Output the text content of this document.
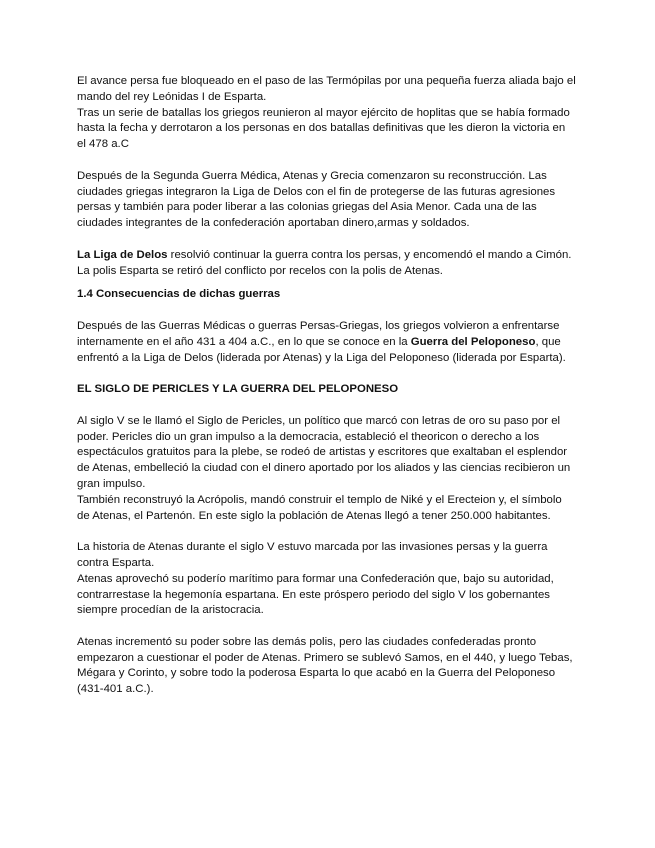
El avance persa fue bloqueado en el paso de las Termópilas por una pequeña fuerza aliada bajo el mando del rey Leónidas I de Esparta.

Tras un serie de batallas los griegos reunieron al mayor ejército de hoplitas que se había formado hasta la fecha y derrotaron a los personas en dos batallas definitivas que les dieron la victoria en el 478 a.C

Después de la Segunda Guerra Médica, Atenas y Grecia comenzaron su reconstrucción. Las ciudades griegas integraron la Liga de Delos con el fin de protegerse de las futuras agresiones persas y también para poder liberar a las colonias griegas del Asia Menor. Cada una de las ciudades integrantes de la confederación aportaban dinero,armas y soldados.

La Liga de Delos resolvió continuar la guerra contra los persas, y encomendó el mando a Cimón. La polis Esparta se retiró del conflicto por recelos con la polis de Atenas.

1.4 Consecuencias de dichas guerras

Después de las Guerras Médicas o guerras Persas-Griegas, los griegos volvieron a enfrentarse internamente en el año 431 a 404 a.C., en lo que se conoce en la Guerra del Peloponeso, que enfrentó a la Liga de Delos (liderada por Atenas) y la Liga del Peloponeso (liderada por Esparta).

EL SIGLO DE PERICLES Y LA GUERRA DEL PELOPONESO

Al siglo V se le llamó el Siglo de Pericles, un político que marcó con letras de oro su paso por el poder. Pericles dio un gran impulso a la democracia, estableció el theoricon o derecho a los espectáculos gratuitos para la plebe, se rodeó de artistas y escritores que exaltaban el esplendor de Atenas, embelleció la ciudad con el dinero aportado por los aliados y las ciencias recibieron un gran impulso.

También reconstruyó la Acrópolis, mandó construir el templo de Niké y el Erecteion y, el símbolo de Atenas, el Partenón. En este siglo la población de Atenas llegó a tener 250.000 habitantes.

La historia de Atenas durante el siglo V estuvo marcada por las invasiones persas y la guerra contra Esparta.

Atenas aprovechó su poderío marítimo para formar una Confederación que, bajo su autoridad, contrarrestase la hegemonía espartana. En este próspero periodo del siglo V los gobernantes siempre procedían de la aristocracia.

Atenas incrementó su poder sobre las demás polis, pero las ciudades confederadas pronto empezaron a cuestionar el poder de Atenas. Primero se sublevó Samos, en el 440, y luego Tebas, Mégara y Corinto, y sobre todo la poderosa Esparta lo que acabó en la Guerra del Peloponeso (431-401 a.C.).
